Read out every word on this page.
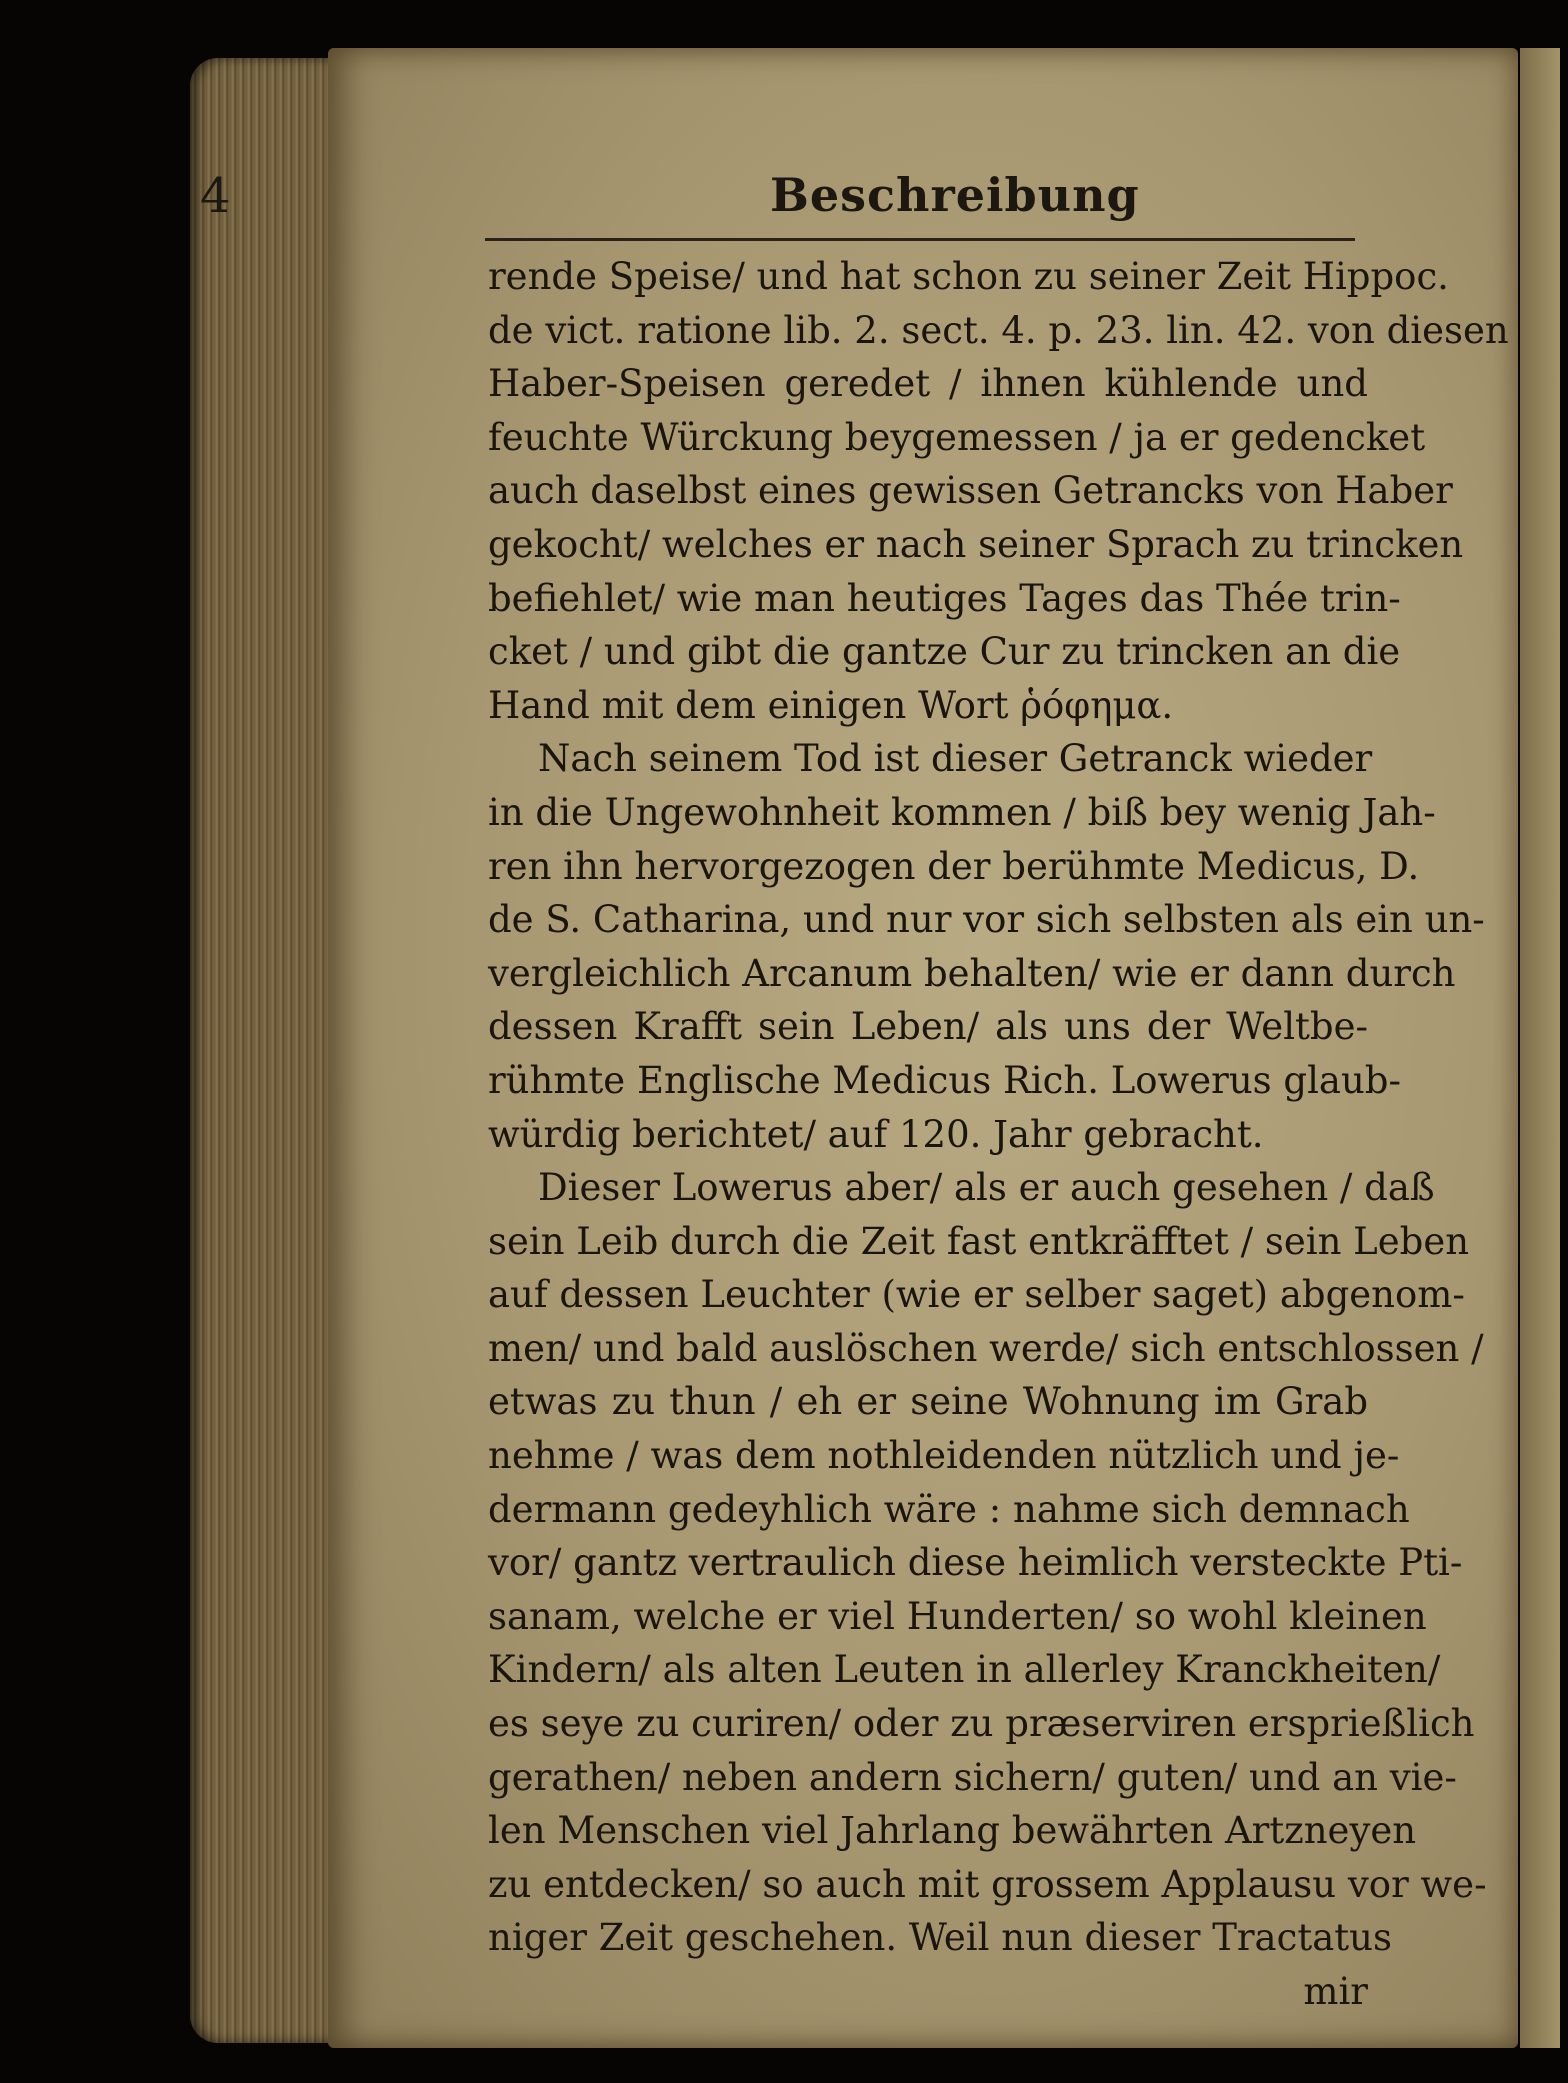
4	Beschreibung
rende Speise/ und hat schon zu seiner Zeit Hippoc.
de vict. ratione lib. 2. sect. 4. p. 23. lin. 42. von diesen
Haber-Speisen geredet / ihnen kühlende und
feuchte Würckung beygemessen / ja er gedencket
auch daselbst eines gewissen Getrancks von Haber
gekocht/ welches er nach seiner Sprach zu trincken
befiehlet/ wie man heutiges Tages das Thée trin-
cket / und gibt die gantze Cur zu trincken an die
Hand mit dem einigen Wort ῥόφημα.
Nach seinem Tod ist dieser Getranck wieder
in die Ungewohnheit kommen / biß bey wenig Jah-
ren ihn hervorgezogen der berühmte Medicus, D.
de S. Catharina, und nur vor sich selbsten als ein un-
vergleichlich Arcanum behalten/ wie er dann durch
dessen Krafft sein Leben/ als uns der Weltbe-
rühmte Englische Medicus Rich. Lowerus glaub-
würdig berichtet/ auf 120. Jahr gebracht.
Dieser Lowerus aber/ als er auch gesehen / daß
sein Leib durch die Zeit fast entkräfftet / sein Leben
auf dessen Leuchter (wie er selber saget) abgenom-
men/ und bald auslöschen werde/ sich entschlossen /
etwas zu thun / eh er seine Wohnung im Grab
nehme / was dem nothleidenden nützlich und je-
dermann gedeyhlich wäre : nahme sich demnach
vor/ gantz vertraulich diese heimlich versteckte Pti-
sanam, welche er viel Hunderten/ so wohl kleinen
Kindern/ als alten Leuten in allerley Kranckheiten/
es seye zu curiren/ oder zu præserviren ersprießlich
gerathen/ neben andern sichern/ guten/ und an vie-
len Menschen viel Jahrlang bewährten Artzneyen
zu entdecken/ so auch mit grossem Applausu vor we-
niger Zeit geschehen. Weil nun dieser Tractatus
mir
